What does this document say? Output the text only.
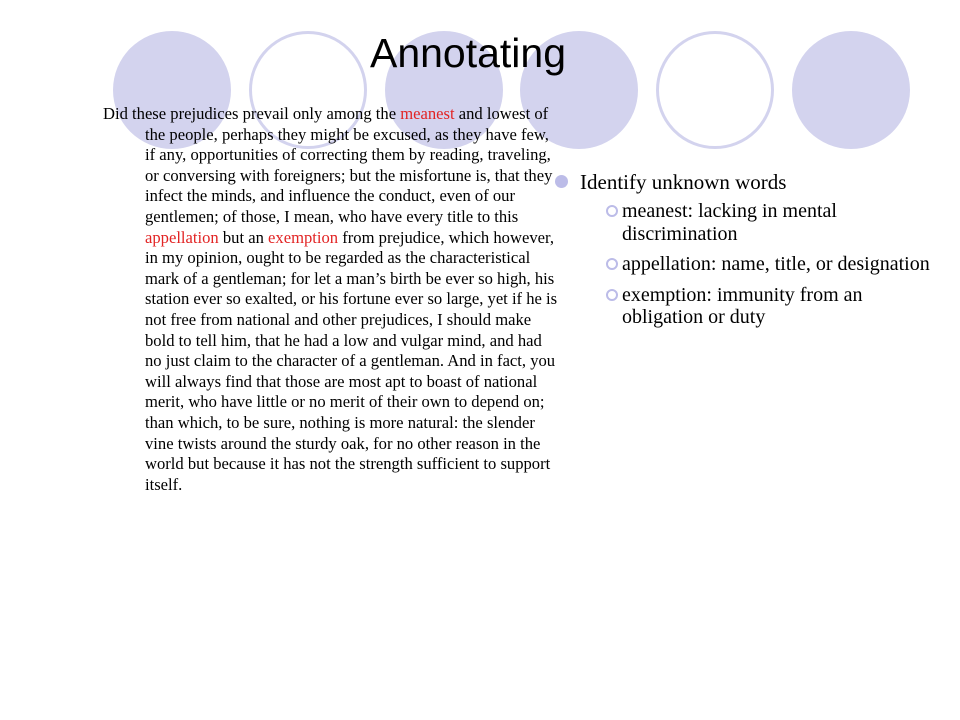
Annotating

Did these prejudices prevail only among the meanest and lowest of the people, perhaps they might be excused, as they have few, if any, opportunities of correcting them by reading, traveling, or conversing with foreigners; but the misfortune is, that they infect the minds, and influence the conduct, even of our gentlemen; of those, I mean, who have every title to this appellation but an exemption from prejudice, which however, in my opinion, ought to be regarded as the characteristical mark of a gentleman; for let a man’s birth be ever so high, his station ever so exalted, or his fortune ever so large, yet if he is not free from national and other prejudices, I should make bold to tell him, that he had a low and vulgar mind, and had no just claim to the character of a gentleman. And in fact, you will always find that those are most apt to boast of national merit, who have little or no merit of their own to depend on; than which, to be sure, nothing is more natural: the slender vine twists around the sturdy oak, for no other reason in the world but because it has not the strength sufficient to support itself.

Identify unknown words
meanest: lacking in mental discrimination
appellation: name, title, or designation
exemption: immunity from an obligation or duty
